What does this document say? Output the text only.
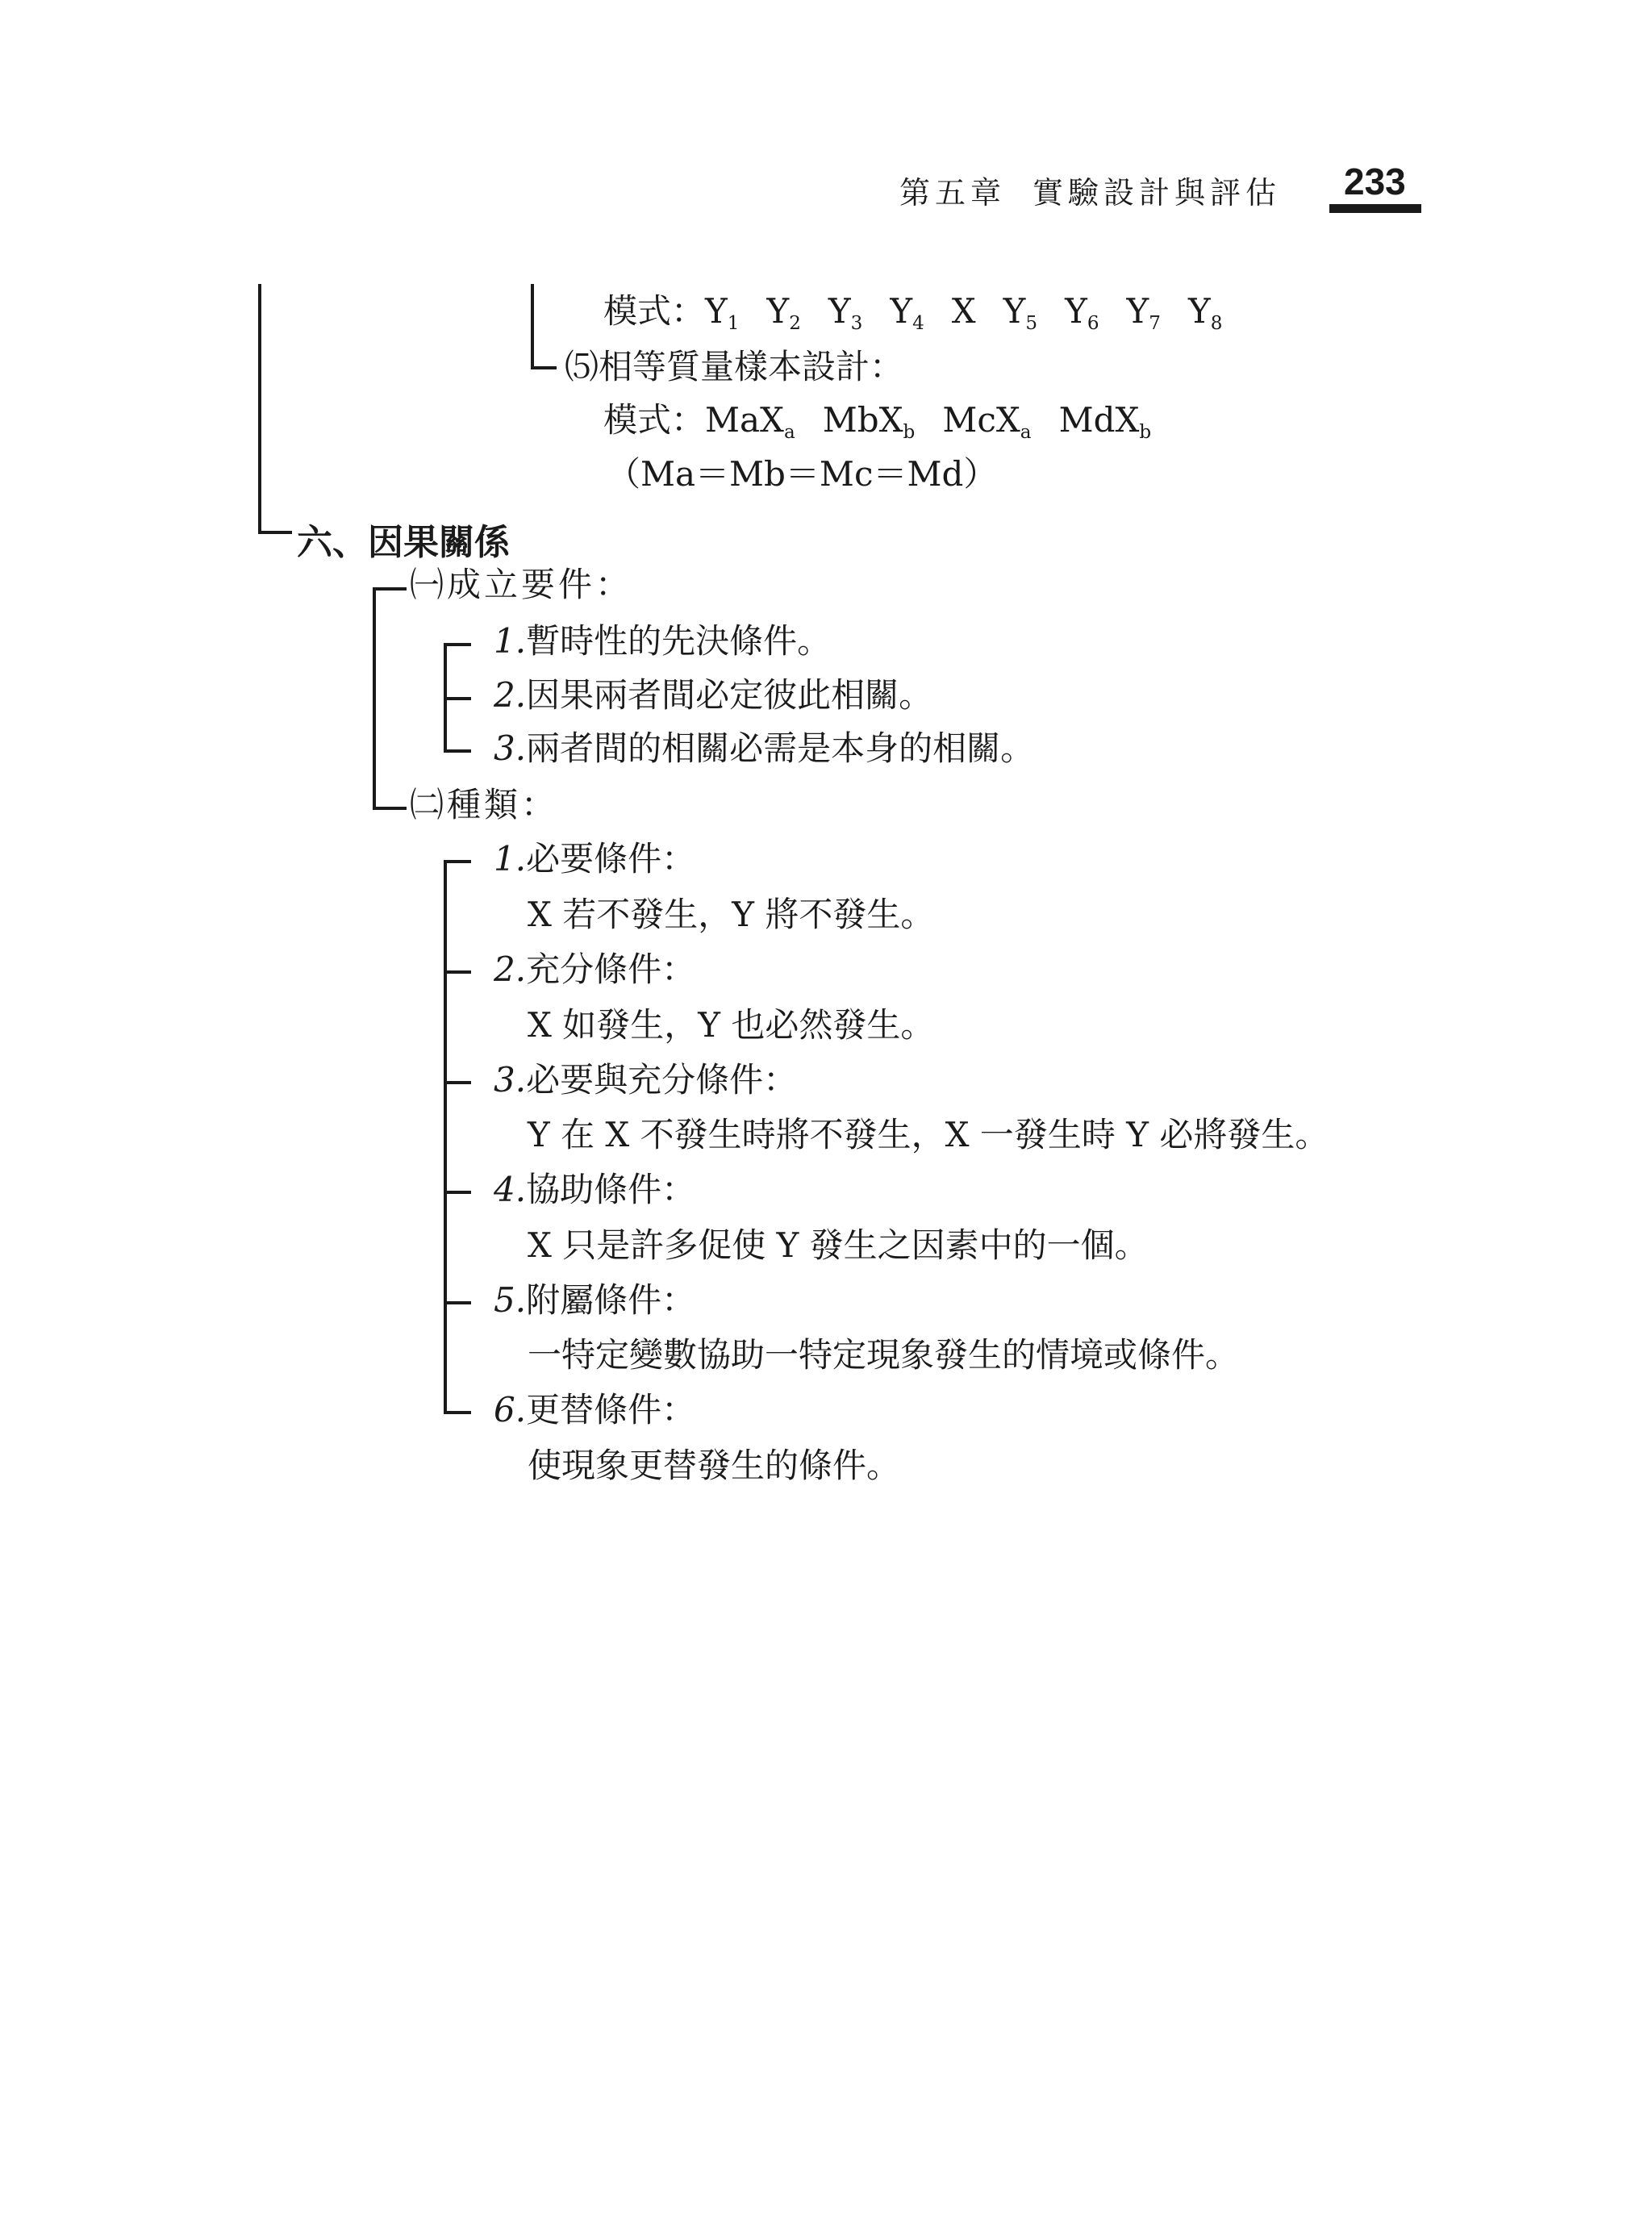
第五章 實驗設計與評估 233
模式：$Y_1$ $Y_2$ $Y_3$ $Y_4$ X $Y_5$ $Y_6$ $Y_7$ $Y_8$
⑸相等質量樣本設計：
模式：MaX$_a$ MbX$_b$ McX$_a$ MdX$_b$
（Ma＝Mb＝Mc＝Md）
六、因果關係
㈠成立要件：
1.暫時性的先決條件。
2.因果兩者間必定彼此相關。
3.兩者間的相關必需是本身的相關。
㈡種類：
1.必要條件：
X 若不發生，Y 將不發生。
2.充分條件：
X 如發生，Y 也必然發生。
3.必要與充分條件：
Y 在 X 不發生時將不發生，X 一發生時 Y 必將發生。
4.協助條件：
X 只是許多促使 Y 發生之因素中的一個。
5.附屬條件：
一特定變數協助一特定現象發生的情境或條件。
6.更替條件：
使現象更替發生的條件。
